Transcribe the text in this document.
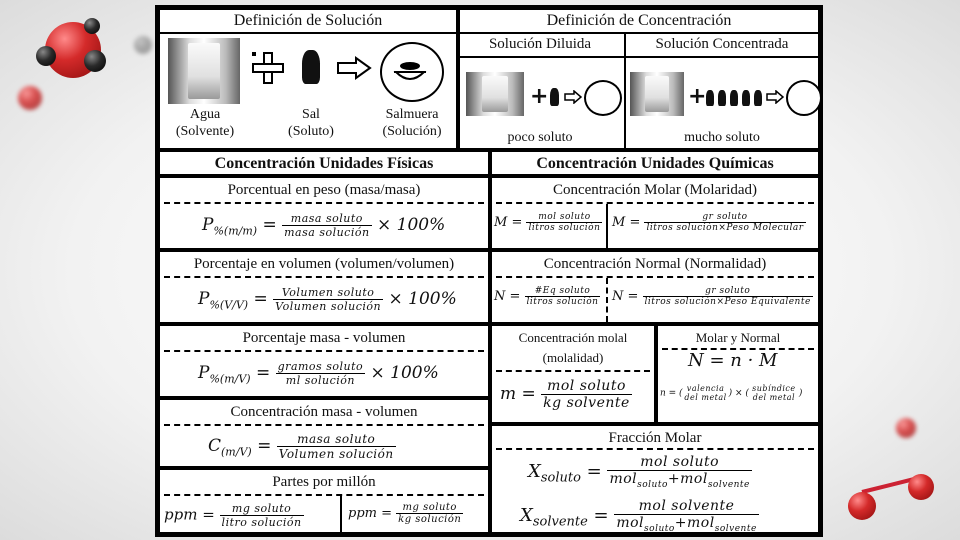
Definición de Solución
Agua
(Solvente)
Sal
(Soluto)
Salmuera
(Solución)
Definición de Concentración
Solución Diluida	Solución Concentrada
+
poco soluto
+
mucho soluto
Concentración Unidades Físicas	Concentración Unidades Químicas
Porcentual en peso (masa/masa)
$P_{\%(m/m)} = \frac{\text{masa soluto}}{\text{masa solución}} \times 100\%$
Porcentaje en volumen (volumen/volumen)
$P_{\%(V/V)} = \frac{\text{Volumen soluto}}{\text{Volumen solución}} \times 100\%$
Porcentaje masa - volumen
$P_{\%(m/V)} = \frac{\text{gramos soluto}}{\text{ml solución}} \times 100\%$
Concentración masa - volumen
$C_{(m/V)} = \frac{\text{masa soluto}}{\text{Volumen solución}}$
Partes por millón
ppm = $\frac{\text{mg soluto}}{\text{litro solución}}$	ppm = $\frac{\text{mg soluto}}{\text{kg solución}}$
Concentración Molar (Molaridad)
$M = \frac{\text{mol soluto}}{\text{litros solución}}$ $M = \frac{\text{gr soluto}}{\text{litros solución×Peso Molecular}}$
Concentración Normal (Normalidad)
$N = \frac{\text{\#Eq soluto}}{\text{litros solución}}$ $N = \frac{\text{gr soluto}}{\text{litros solución×Peso Equivalente}}$
Concentración molal
(molalidad)
$m = \frac{\text{mol soluto}}{\text{kg solvente}}$
Molar y Normal
N = n · M
n = ( valencia del metal ) × ( subíndice del metal )
Fracción Molar
$X_{soluto} = \frac{\text{mol soluto}}{mol_{soluto}+mol_{solvente}}$
$X_{solvente} = \frac{\text{mol solvente}}{mol_{soluto}+mol_{solvente}}$
